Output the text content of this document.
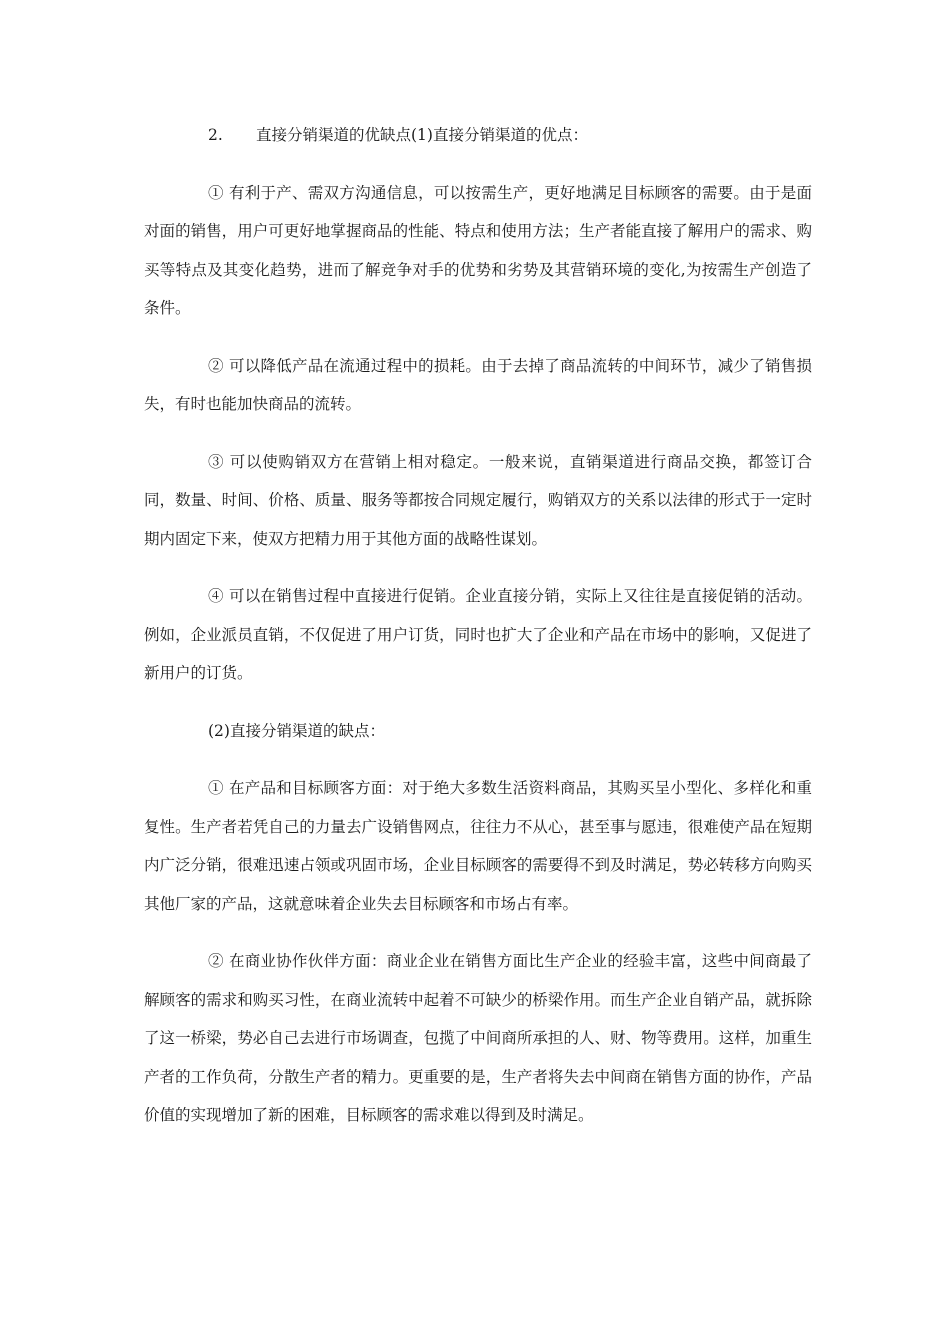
2. 直接分销渠道的优缺点(1)直接分销渠道的优点：

① 有利于产、需双方沟通信息，可以按需生产，更好地满足目标顾客的需要。由于是面对面的销售，用户可更好地掌握商品的性能、特点和使用方法；生产者能直接了解用户的需求、购买等特点及其变化趋势，进而了解竞争对手的优势和劣势及其营销环境的变化,为按需生产创造了条件。

② 可以降低产品在流通过程中的损耗。由于去掉了商品流转的中间环节，减少了销售损失，有时也能加快商品的流转。

③ 可以使购销双方在营销上相对稳定。一般来说，直销渠道进行商品交换，都签订合同，数量、时间、价格、质量、服务等都按合同规定履行，购销双方的关系以法律的形式于一定时期内固定下来，使双方把精力用于其他方面的战略性谋划。

④ 可以在销售过程中直接进行促销。企业直接分销，实际上又往往是直接促销的活动。例如，企业派员直销，不仅促进了用户订货，同时也扩大了企业和产品在市场中的影响，又促进了新用户的订货。

(2)直接分销渠道的缺点：

① 在产品和目标顾客方面：对于绝大多数生活资料商品，其购买呈小型化、多样化和重复性。生产者若凭自己的力量去广设销售网点，往往力不从心，甚至事与愿违，很难使产品在短期内广泛分销，很难迅速占领或巩固市场，企业目标顾客的需要得不到及时满足，势必转移方向购买其他厂家的产品，这就意味着企业失去目标顾客和市场占有率。

② 在商业协作伙伴方面：商业企业在销售方面比生产企业的经验丰富，这些中间商最了解顾客的需求和购买习性，在商业流转中起着不可缺少的桥梁作用。而生产企业自销产品，就拆除了这一桥梁，势必自己去进行市场调查，包揽了中间商所承担的人、财、物等费用。这样，加重生产者的工作负荷，分散生产者的精力。更重要的是，生产者将失去中间商在销售方面的协作，产品价值的实现增加了新的困难，目标顾客的需求难以得到及时满足。
